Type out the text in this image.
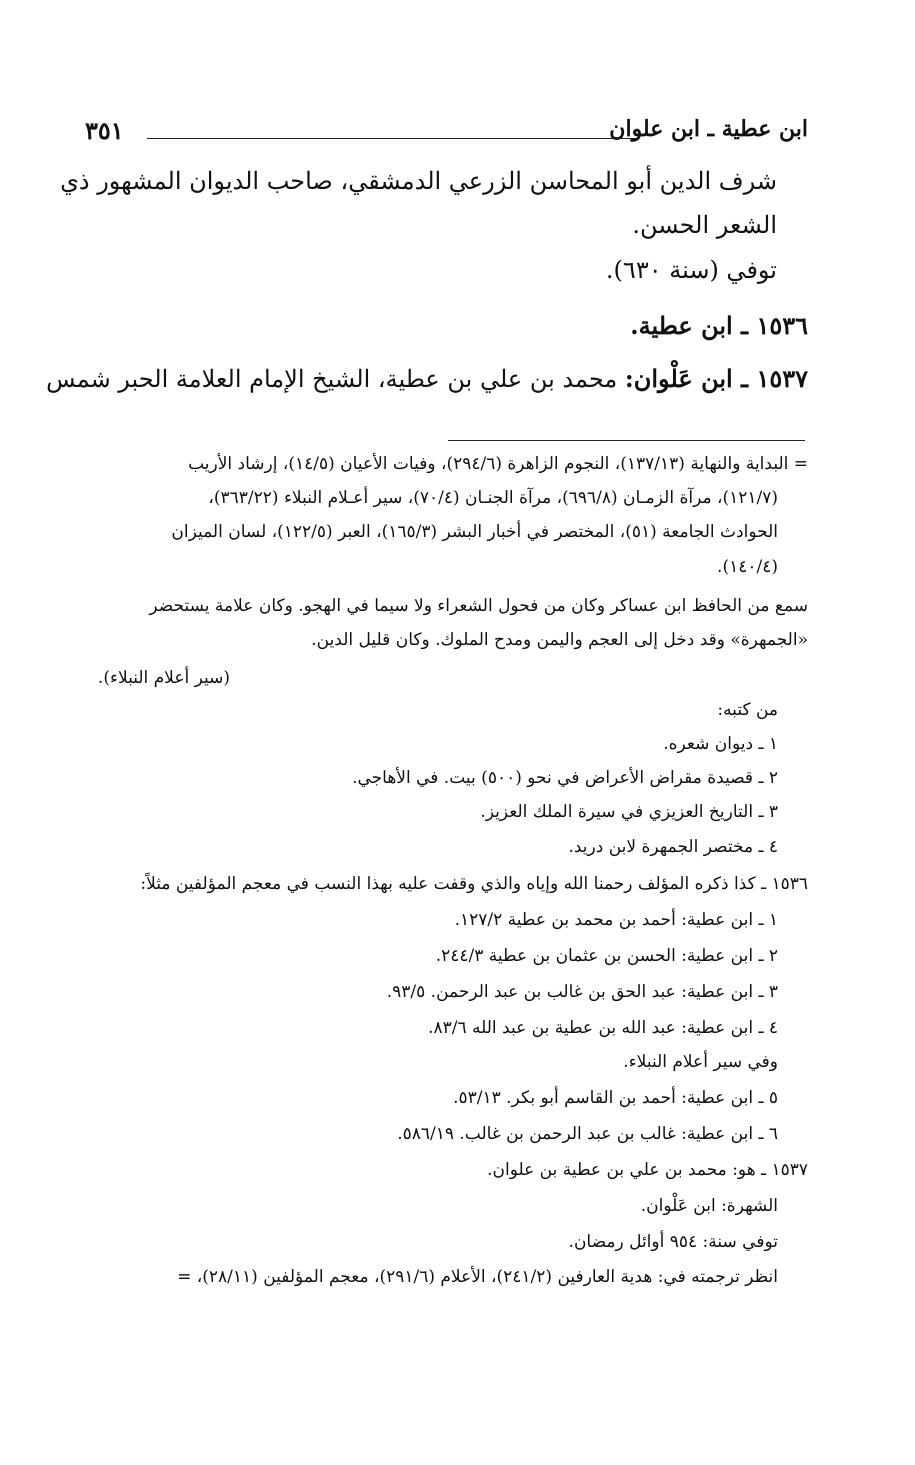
ابن عطية ـ ابن علوان
٣٥١
شرف الدين أبو المحاسن الزرعي الدمشقي، صاحب الديوان المشهور ذي
الشعر الحسن.
توفي (سنة ٦٣٠).
١٥٣٦ ـ ابن عطية.
١٥٣٧ ـ ابن عَلْوان: محمد بن علي بن عطية، الشيخ الإمام العلامة الحبر شمس
= البداية والنهاية (١٣٧/١٣)، النجوم الزاهرة (٢٩٤/٦)، وفيات الأعيان (١٤/٥)، إرشاد الأريب
(١٢١/٧)، مرآة الزمـان (٦٩٦/٨)، مرآة الجنـان (٧٠/٤)، سير أعـلام النبلاء (٣٦٣/٢٢)،
الحوادث الجامعة (٥١)، المختصر في أخبار البشر (١٦٥/٣)، العبر (١٢٢/٥)، لسان الميزان
(١٤٠/٤).
سمع من الحافظ ابن عساكر وكان من فحول الشعراء ولا سيما في الهجو. وكان علامة يستحضر
«الجمهرة» وقد دخل إلى العجم واليمن ومدح الملوك. وكان قليل الدين.
(سير أعلام النبلاء).
من كتبه:
١ ـ ديوان شعره.
٢ ـ قصيدة مقراض الأعراض في نحو (٥٠٠) بيت. في الأهاجي.
٣ ـ التاريخ العزيزي في سيرة الملك العزيز.
٤ ـ مختصر الجمهرة لابن دريد.
١٥٣٦ ـ كذا ذكره المؤلف رحمنا الله وإياه والذي وقفت عليه بهذا النسب في معجم المؤلفين مثلاً:
١ ـ ابن عطية: أحمد بن محمد بن عطية ١٢٧/٢.
٢ ـ ابن عطية: الحسن بن عثمان بن عطية ٢٤٤/٣.
٣ ـ ابن عطية: عبد الحق بن غالب بن عبد الرحمن. ٩٣/٥.
٤ ـ ابن عطية: عبد الله بن عطية بن عبد الله ٨٣/٦.
وفي سير أعلام النبلاء.
٥ ـ ابن عطية: أحمد بن القاسم أبو بكر. ٥٣/١٣.
٦ ـ ابن عطية: غالب بن عبد الرحمن بن غالب. ٥٨٦/١٩.
١٥٣٧ ـ هو: محمد بن علي بن عطية بن علوان.
الشهرة: ابن عَلْوان.
توفي سنة: ٩٥٤ أوائل رمضان.
انظر ترجمته في: هدية العارفين (٢٤١/٢)، الأعلام (٢٩١/٦)، معجم المؤلفين (٢٨/١١)، =
